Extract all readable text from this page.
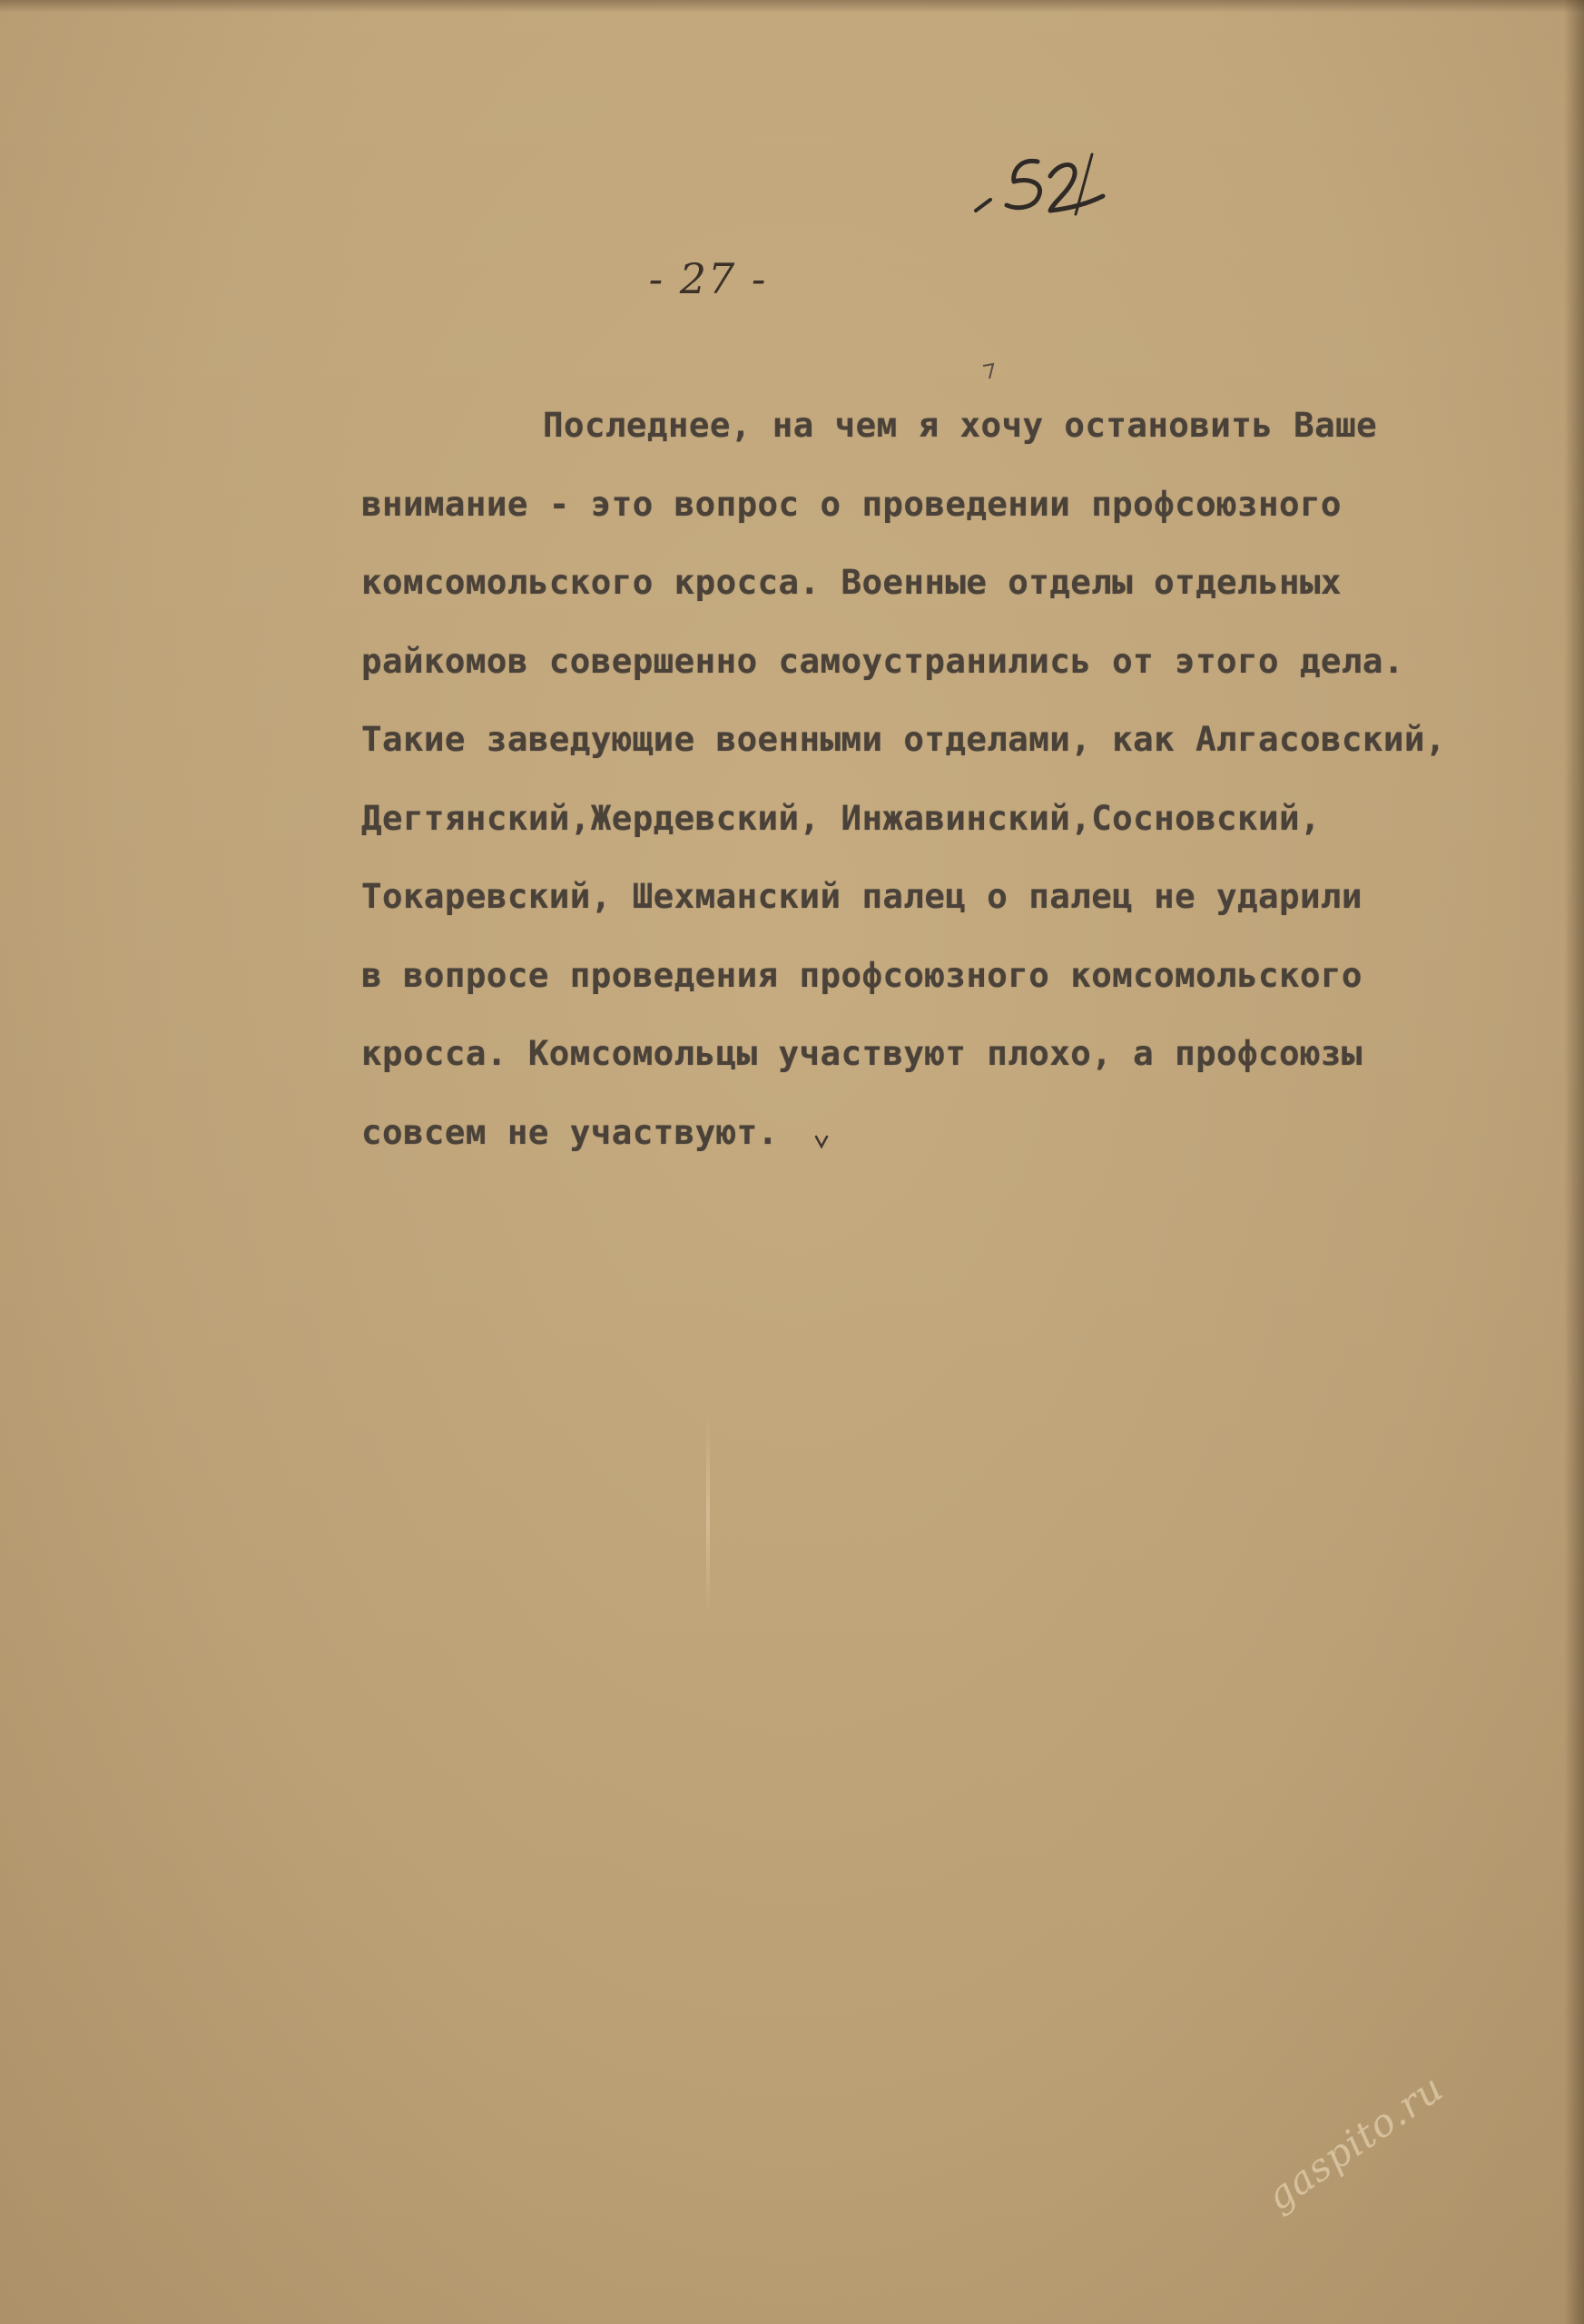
- 27 -
Последнее, на чем я хочу остановить Ваше
внимание - это вопрос о проведении профсоюзного
комсомольского кросса. Военные отделы отдельных
райкомов совершенно самоустранились от этого дела.
Такие заведующие военными отделами, как Алгасовский,
Дегтянский,Жердевский, Инжавинский,Сосновский,
Токаревский, Шехманский палец о палец не ударили
в вопросе проведения профсоюзного комсомольского
кросса. Комсомольцы участвуют плохо, а профсоюзы
совсем не участвуют.
gaspito.ru
